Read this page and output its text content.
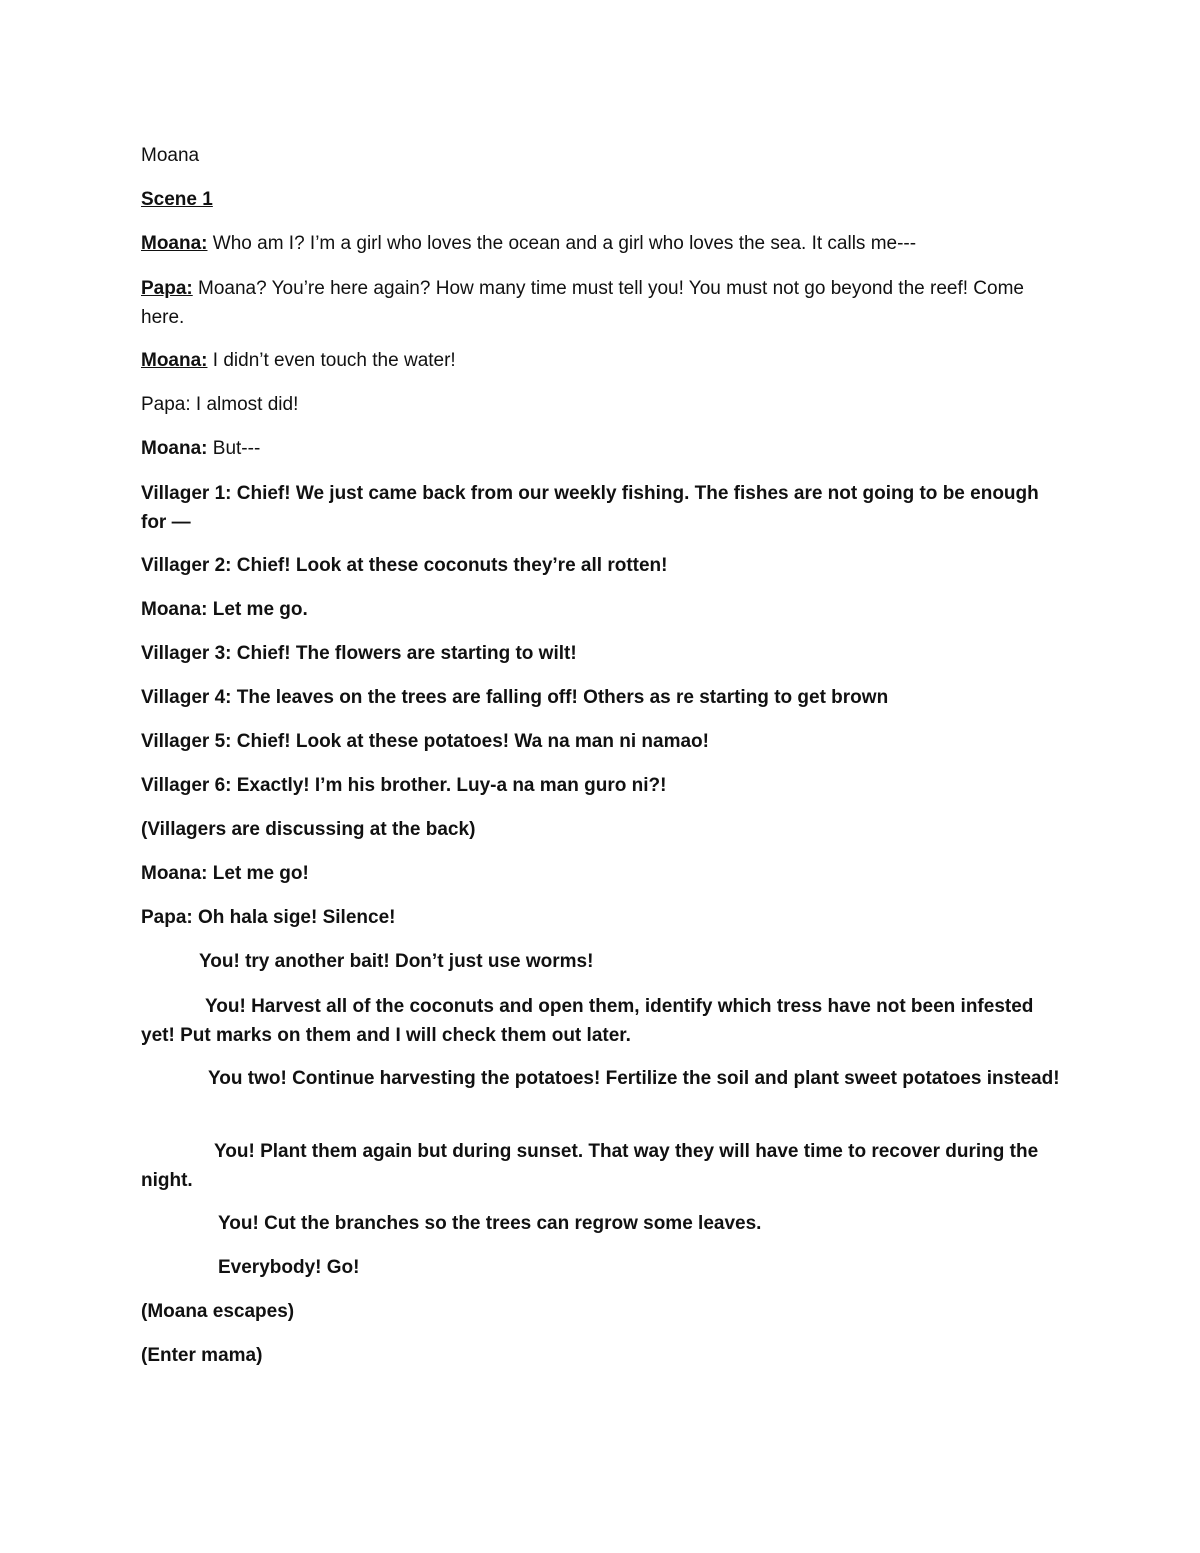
Moana
Scene 1
Moana: Who am I? I’m a girl who loves the ocean and a girl who loves the sea. It calls me---
Papa: Moana? You’re here again? How many time must tell you! You must not go beyond the reef! Come here.
Moana: I didn’t even touch the water!
Papa: I almost did!
Moana: But---
Villager 1: Chief! We just came back from our weekly fishing. The fishes are not going to be enough for —
Villager 2: Chief! Look at these coconuts they’re all rotten!
Moana: Let me go.
Villager 3: Chief! The flowers are starting to wilt!
Villager 4: The leaves on the trees are falling off! Others as re starting to get brown
Villager 5: Chief! Look at these potatoes! Wa na man ni namao!
Villager 6: Exactly! I’m his brother. Luy-a na man guro ni?!
(Villagers are discussing at the back)
Moana: Let me go!
Papa: Oh hala sige! Silence!
You! try another bait! Don’t just use worms!
You! Harvest all of the coconuts and open them, identify which tress have not been infested yet! Put marks on them and I will check them out later.
You two! Continue harvesting the potatoes! Fertilize the soil and plant sweet potatoes instead!
You! Plant them again but during sunset. That way they will have time to recover during the night.
You! Cut the branches so the trees can regrow some leaves.
Everybody! Go!
(Moana escapes)
(Enter mama)
